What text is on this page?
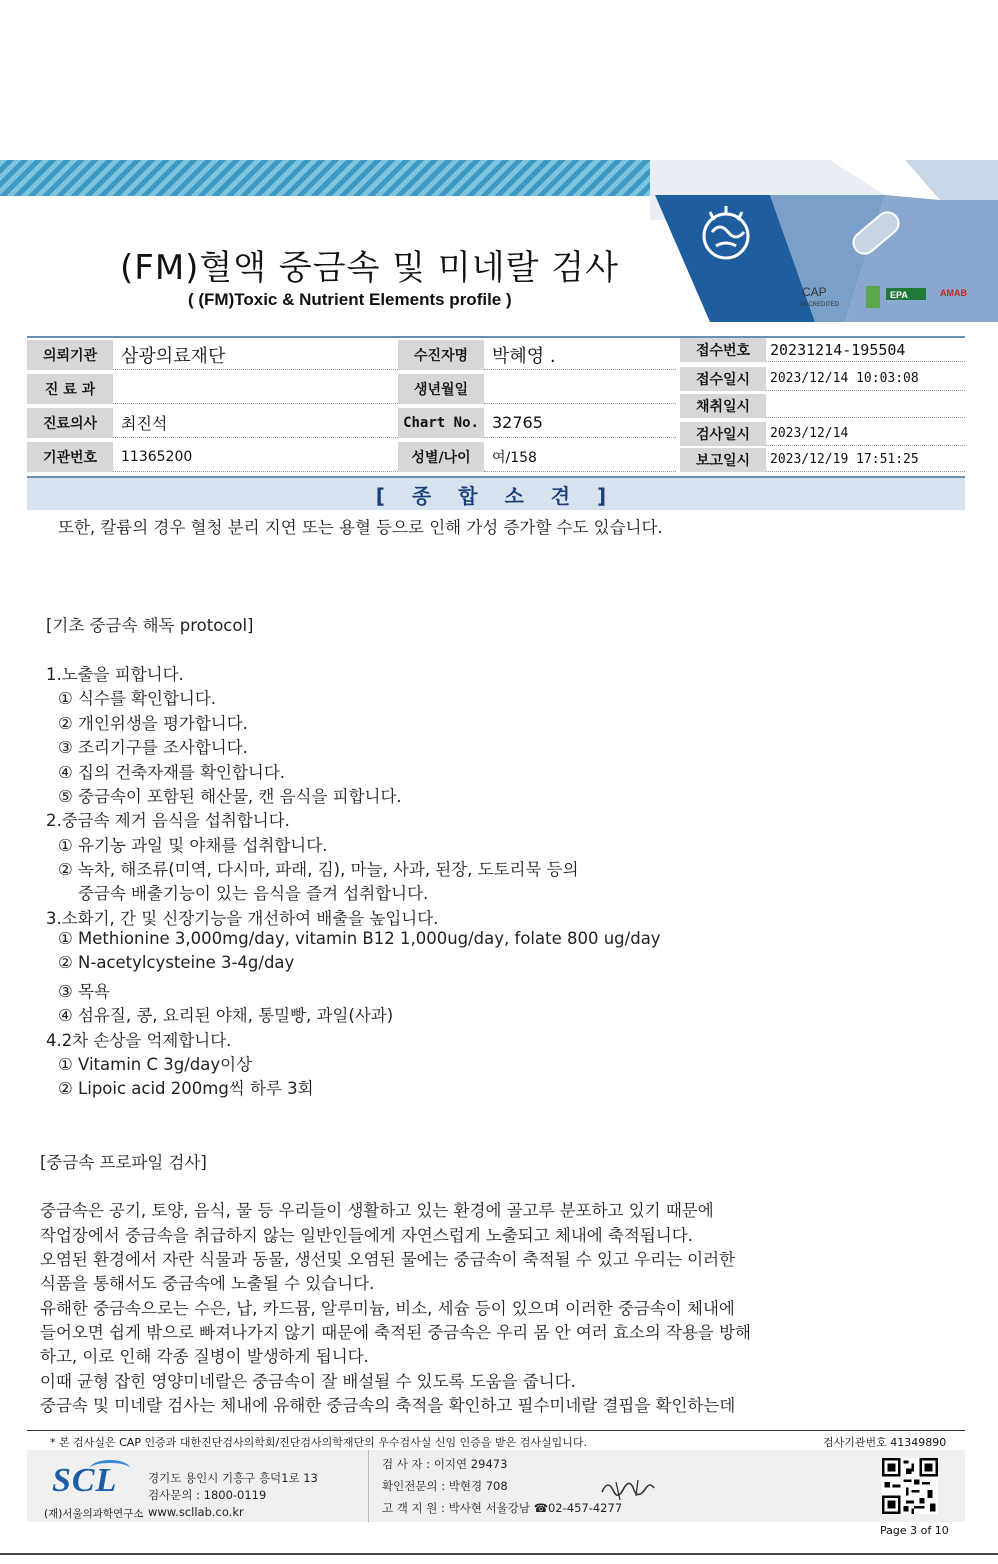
CAP
ACCREDITED
EPA	AMAB
(FM)혈액 중금속 및 미네랄 검사
( (FM)Toxic & Nutrient Elements profile )
의뢰기관	삼광의료재단
진 료 과
진료의사	최진석
기관번호	11365200
수진자명	박혜영 .
생년월일
Chart No. 32765
성별/나이	여/158
접수번호	20231214-195504
접수일시	2023/12/14 10:03:08
채취일시
검사일시	2023/12/14
보고일시	2023/12/19 17:51:25
[ 종 합 소 견 ]
또한, 칼륨의 경우 혈청 분리 지연 또는 용혈 등으로 인해 가성 증가할 수도 있습니다.
[기초 중금속 해독 protocol]
1.노출을 피합니다.
① 식수를 확인합니다.
② 개인위생을 평가합니다.
③ 조리기구를 조사합니다.
④ 집의 건축자재를 확인합니다.
⑤ 중금속이 포함된 해산물, 캔 음식을 피합니다.
2.중금속 제거 음식을 섭취합니다.
① 유기농 과일 및 야채를 섭취합니다.
② 녹차, 해조류(미역, 다시마, 파래, 김), 마늘, 사과, 된장, 도토리묵 등의
중금속 배출기능이 있는 음식을 즐겨 섭취합니다.
3.소화기, 간 및 신장기능을 개선하여 배출을 높입니다.
① Methionine 3,000mg/day, vitamin B12 1,000ug/day, folate 800 ug/day
② N-acetylcysteine 3-4g/day
③ 목욕
④ 섬유질, 콩, 요리된 야채, 통밀빵, 과일(사과)
4.2차 손상을 억제합니다.
① Vitamin C 3g/day이상
② Lipoic acid 200mg씩 하루 3회
[중금속 프로파일 검사]
중금속은 공기, 토양, 음식, 물 등 우리들이 생활하고 있는 환경에 골고루 분포하고 있기 때문에
작업장에서 중금속을 취급하지 않는 일반인들에게 자연스럽게 노출되고 체내에 축적됩니다.
오염된 환경에서 자란 식물과 동물, 생선및 오염된 물에는 중금속이 축적될 수 있고 우리는 이러한
식품을 통해서도 중금속에 노출될 수 있습니다.
유해한 중금속으로는 수은, 납, 카드뮴, 알루미늄, 비소, 세슘 등이 있으며 이러한 중금속이 체내에
들어오면 쉽게 밖으로 빠져나가지 않기 때문에 축적된 중금속은 우리 몸 안 여러 효소의 작용을 방해
하고, 이로 인해 각종 질병이 발생하게 됩니다.
이때 균형 잡힌 영양미네랄은 중금속이 잘 배설될 수 있도록 도움을 줍니다.
중금속 및 미네랄 검사는 체내에 유해한 중금속의 축적을 확인하고 필수미네랄 결핍을 확인하는데
* 본 검사실은 CAP 인증과 대한진단검사의학회/진단검사의학재단의 우수검사실 신임 인증을 받은 검사실입니다.	검사기관번호 41349890
SCL
(재)서울의과학연구소
경기도 용인시 기흥구 흥덕1로 13
검사문의 : 1800-0119
www.scllab.co.kr
검 사 자 : 이지연 29473
확인전문의 : 박현경 708
고 객 지 원 : 박사현 서울강남 ☎02-457-4277
Page 3 of 10
